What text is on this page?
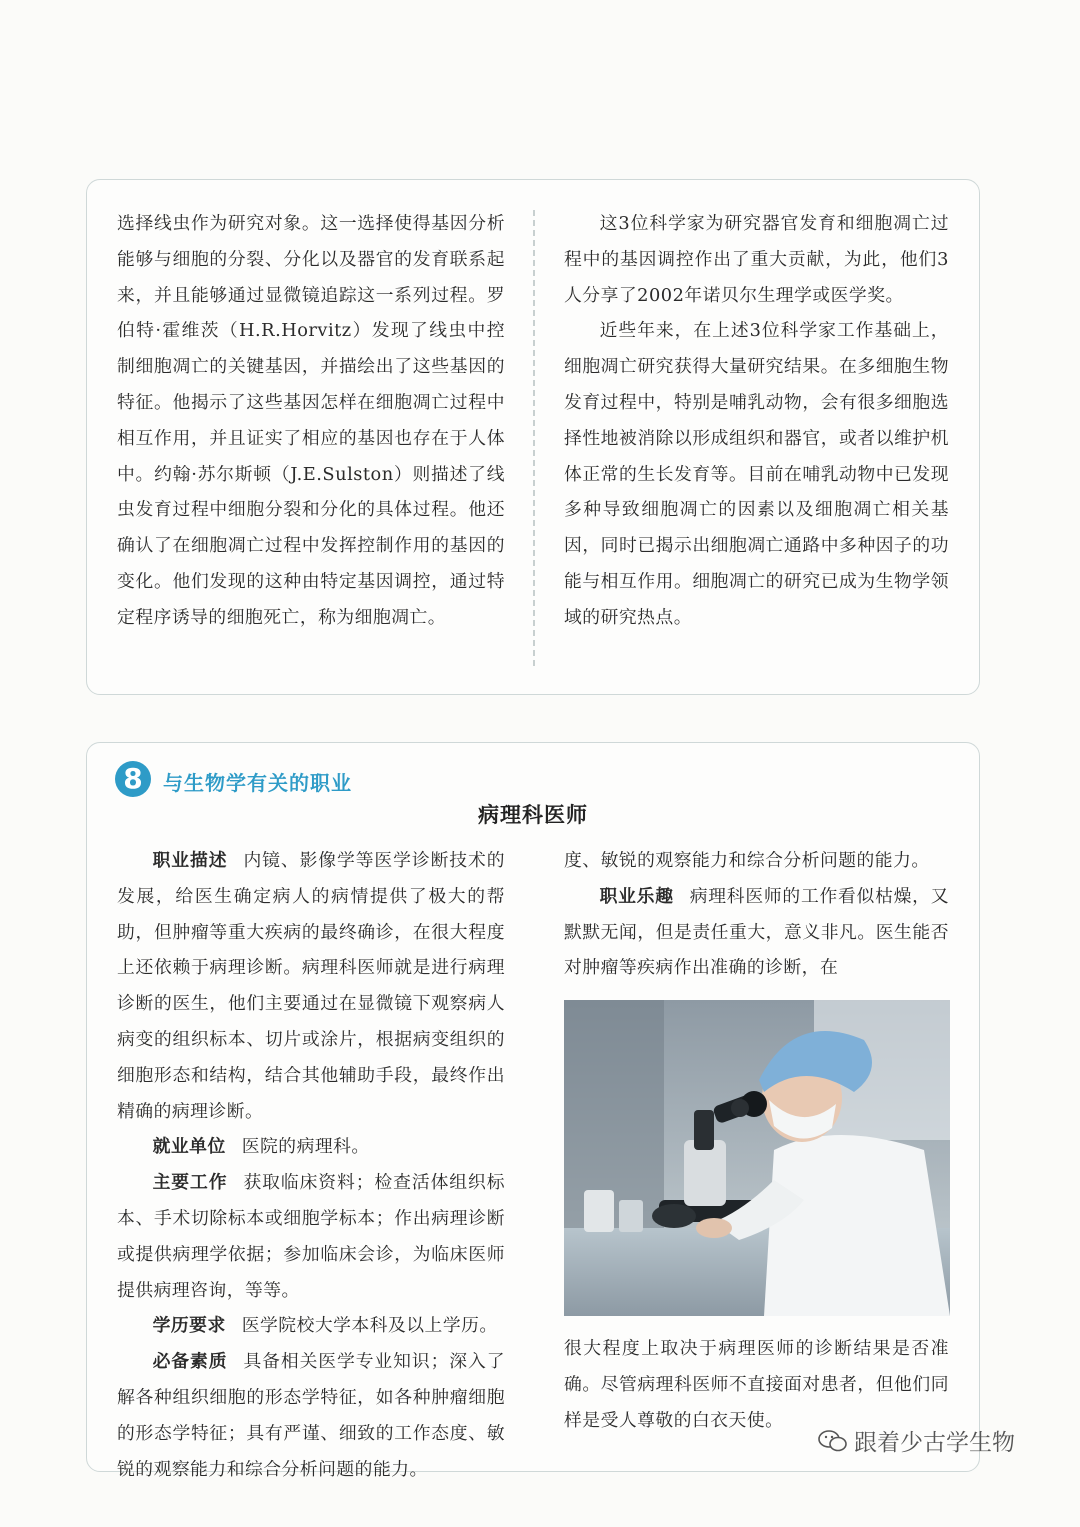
选择线虫作为研究对象。这一选择使得基因分析能够与细胞的分裂、分化以及器官的发育联系起来，并且能够通过显微镜追踪这一系列过程。罗伯特·霍维茨（H.R.Horvitz）发现了线虫中控制细胞凋亡的关键基因，并描绘出了这些基因的特征。他揭示了这些基因怎样在细胞凋亡过程中相互作用，并且证实了相应的基因也存在于人体中。约翰·苏尔斯顿（J.E.Sulston）则描述了线虫发育过程中细胞分裂和分化的具体过程。他还确认了在细胞凋亡过程中发挥控制作用的基因的变化。他们发现的这种由特定基因调控，通过特定程序诱导的细胞死亡，称为细胞凋亡。

这3位科学家为研究器官发育和细胞凋亡过程中的基因调控作出了重大贡献，为此，他们3人分享了2002年诺贝尔生理学或医学奖。

近些年来，在上述3位科学家工作基础上，细胞凋亡研究获得大量研究结果。在多细胞生物发育过程中，特别是哺乳动物，会有很多细胞选择性地被消除以形成组织和器官，或者以维护机体正常的生长发育等。目前在哺乳动物中已发现多种导致细胞凋亡的因素以及细胞凋亡相关基因，同时已揭示出细胞凋亡通路中多种因子的功能与相互作用。细胞凋亡的研究已成为生物学领域的研究热点。

8	与生物学有关的职业
病理科医师

职业描述 内镜、影像学等医学诊断技术的发展，给医生确定病人的病情提供了极大的帮助，但肿瘤等重大疾病的最终确诊，在很大程度上还依赖于病理诊断。病理科医师就是进行病理诊断的医生，他们主要通过在显微镜下观察病人病变的组织标本、切片或涂片，根据病变组织的细胞形态和结构，结合其他辅助手段，最终作出精确的病理诊断。

就业单位 医院的病理科。

主要工作 获取临床资料；检查活体组织标本、手术切除标本或细胞学标本；作出病理诊断或提供病理学依据；参加临床会诊，为临床医师提供病理咨询，等等。

学历要求 医学院校大学本科及以上学历。

必备素质 具备相关医学专业知识；深入了解各种组织细胞的形态学特征，如各种肿瘤细胞的形态学特征；具有严谨、细致的工作态度、敏锐的观察能力和综合分析问题的能力。

度、敏锐的观察能力和综合分析问题的能力。

职业乐趣 病理科医师的工作看似枯燥，又默默无闻，但是责任重大，意义非凡。医生能否对肿瘤等疾病作出准确的诊断，在

很大程度上取决于病理医师的诊断结果是否准确。尽管病理科医师不直接面对患者，但他们同样是受人尊敬的白衣天使。

跟着少古学生物
